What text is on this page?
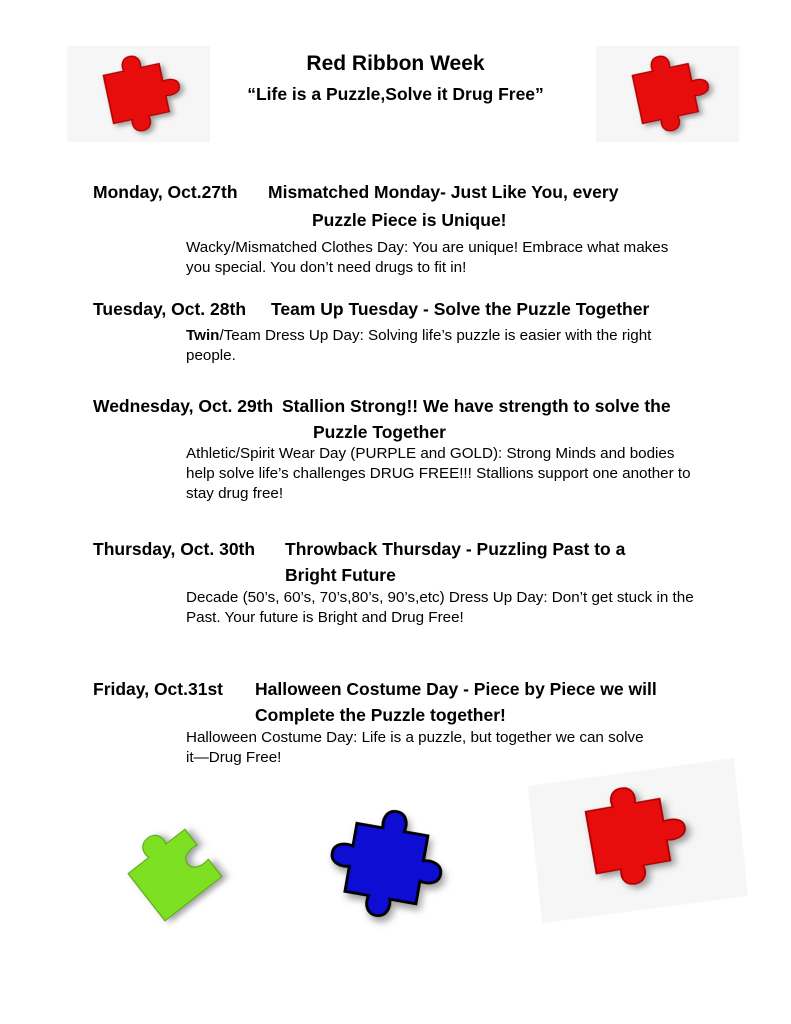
Red Ribbon Week
“Life is a Puzzle,Solve it Drug Free”
Monday, Oct.27th Mismatched Monday- Just Like You, every
Puzzle Piece is Unique!
Wacky/Mismatched Clothes Day: You are unique! Embrace what makes
you special. You don’t need drugs to fit in!
Tuesday, Oct. 28th Team Up Tuesday - Solve the Puzzle Together
Twin/Team Dress Up Day: Solving life’s puzzle is easier with the right
people.
Wednesday, Oct. 29th Stallion Strong!! We have strength to solve the
Puzzle Together
Athletic/Spirit Wear Day (PURPLE and GOLD): Strong Minds and bodies
help solve life’s challenges DRUG FREE!!! Stallions support one another to
stay drug free!
Thursday, Oct. 30th Throwback Thursday - Puzzling Past to a
Bright Future
Decade (50’s, 60’s, 70’s,80’s, 90’s,etc) Dress Up Day: Don’t get stuck in the
Past. Your future is Bright and Drug Free!
Friday, Oct.31st Halloween Costume Day - Piece by Piece we will
Complete the Puzzle together!
Halloween Costume Day: Life is a puzzle, but together we can solve
it—Drug Free!
